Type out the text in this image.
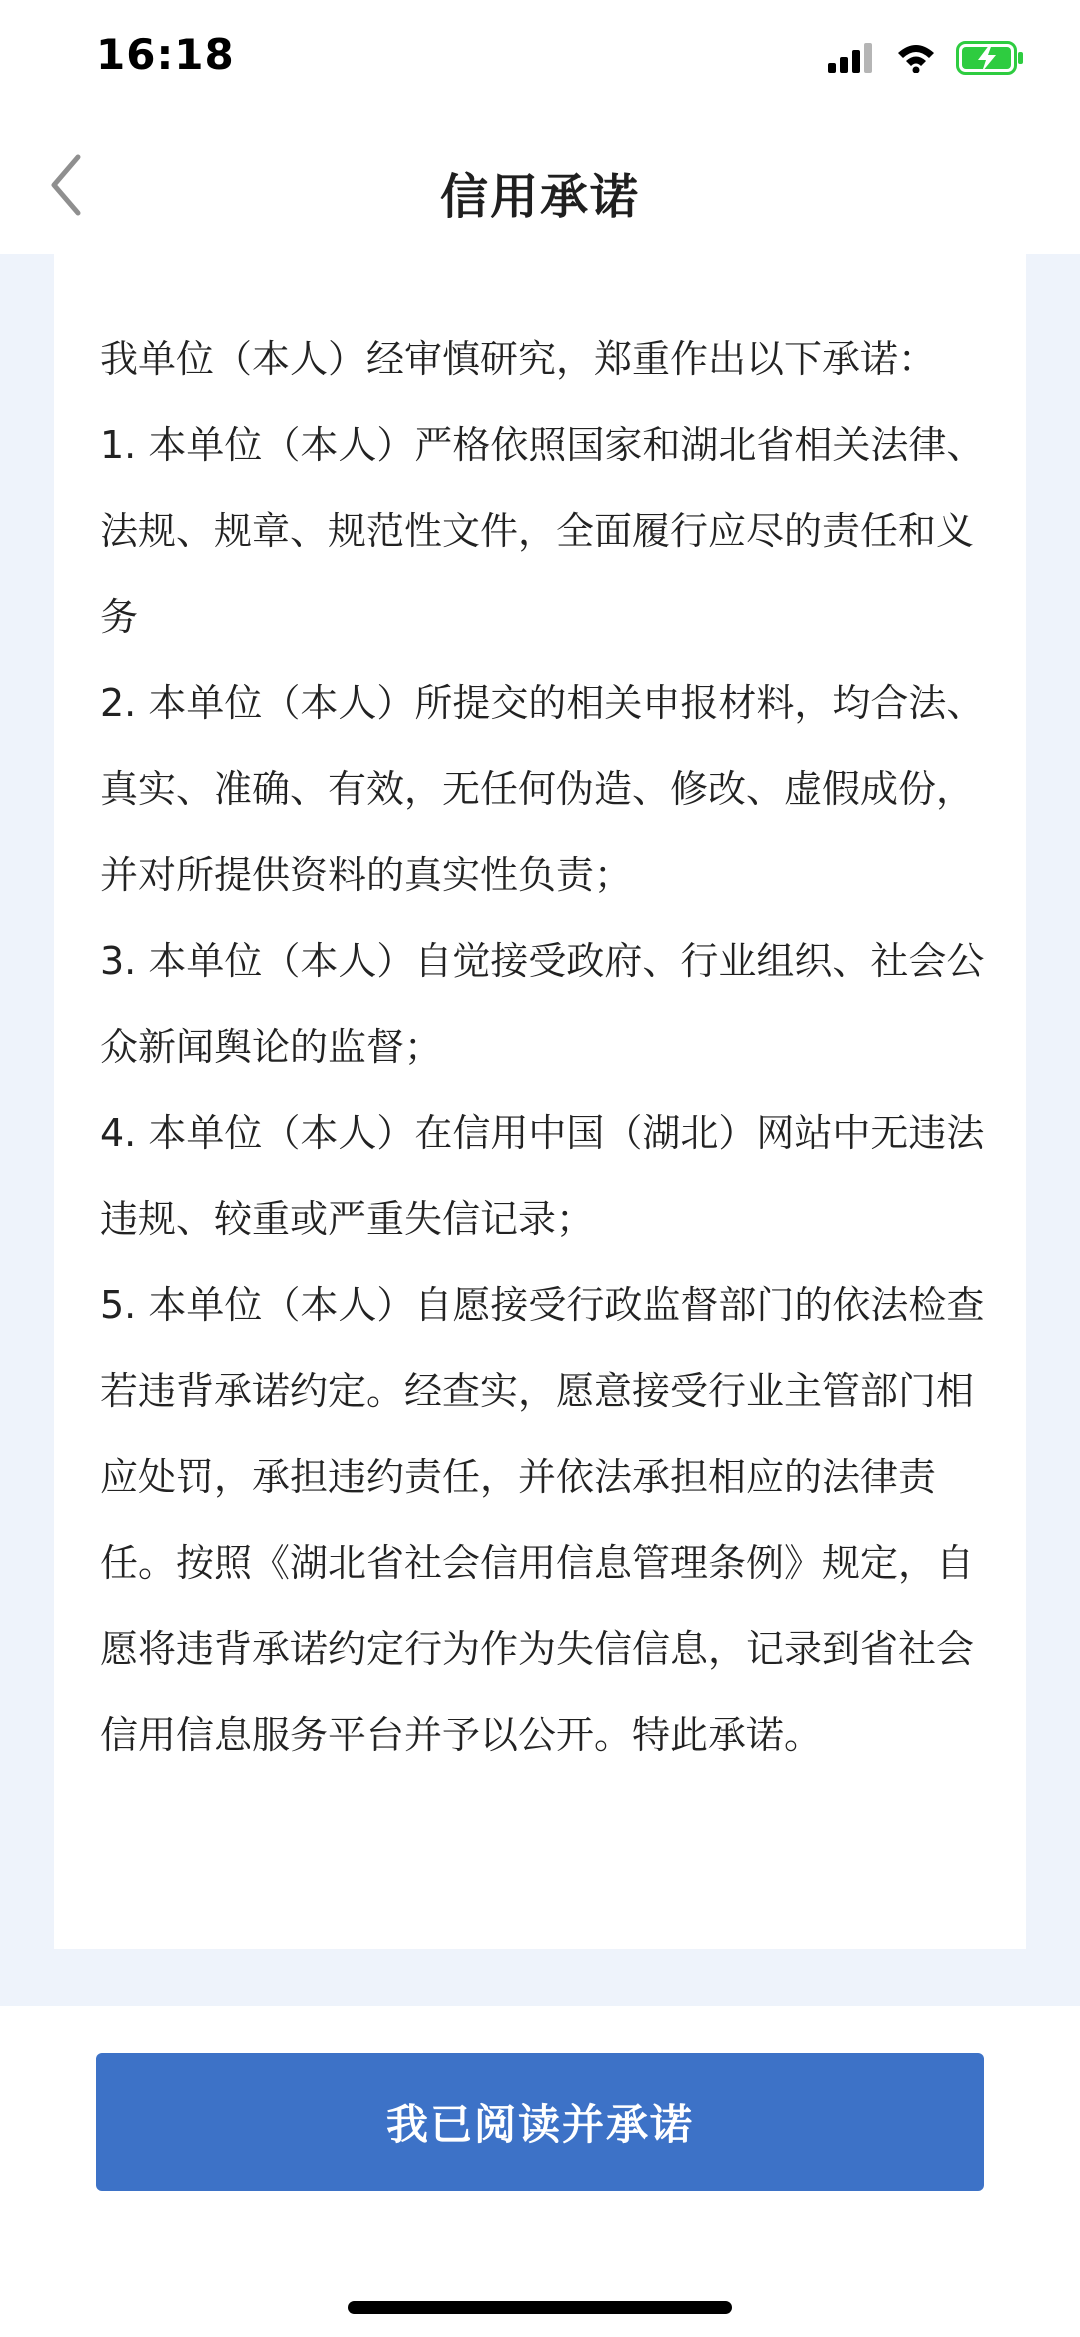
16:18
信用承诺

我单位（本人）经审慎研究，郑重作出以下承诺：

1. 本单位（本人）严格依照国家和湖北省相关法律、法规、规章、规范性文件，全面履行应尽的责任和义务

2. 本单位（本人）所提交的相关申报材料，均合法、真实、准确、有效，无任何伪造、修改、虚假成份，并对所提供资料的真实性负责；

3. 本单位（本人）自觉接受政府、行业组织、社会公众新闻舆论的监督；

4. 本单位（本人）在信用中国（湖北）网站中无违法违规、较重或严重失信记录；

5. 本单位（本人）自愿接受行政监督部门的依法检查若违背承诺约定。经查实，愿意接受行业主管部门相应处罚，承担违约责任，并依法承担相应的法律责任。按照《湖北省社会信用信息管理条例》规定，自愿将违背承诺约定行为作为失信信息，记录到省社会信用信息服务平台并予以公开。特此承诺。

我已阅读并承诺
